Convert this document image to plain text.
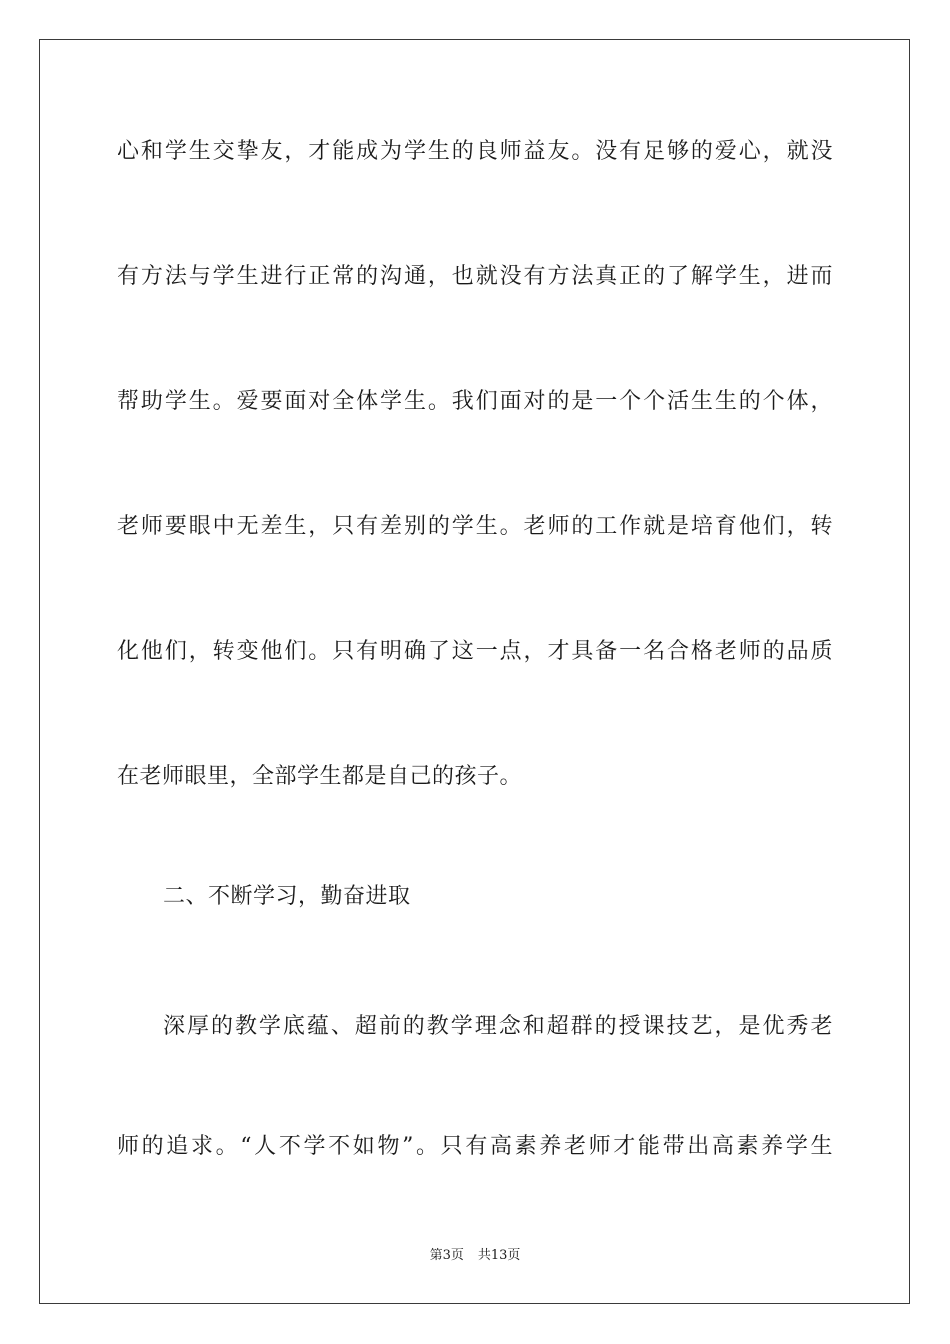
心和学生交挚友，才能成为学生的良师益友。没有足够的爱心，就没
有方法与学生进行正常的沟通，也就没有方法真正的了解学生，进而
帮助学生。爱要面对全体学生。我们面对的是一个个活生生的个体，
老师要眼中无差生，只有差别的学生。老师的工作就是培育他们，转
化他们，转变他们。只有明确了这一点，才具备一名合格老师的品质
在老师眼里，全部学生都是自己的孩子。
二、不断学习，勤奋进取
深厚的教学底蕴、超前的教学理念和超群的授课技艺，是优秀老
师的追求。“人不学不如物”。只有高素养老师才能带出高素养学生
第3页 共13页
